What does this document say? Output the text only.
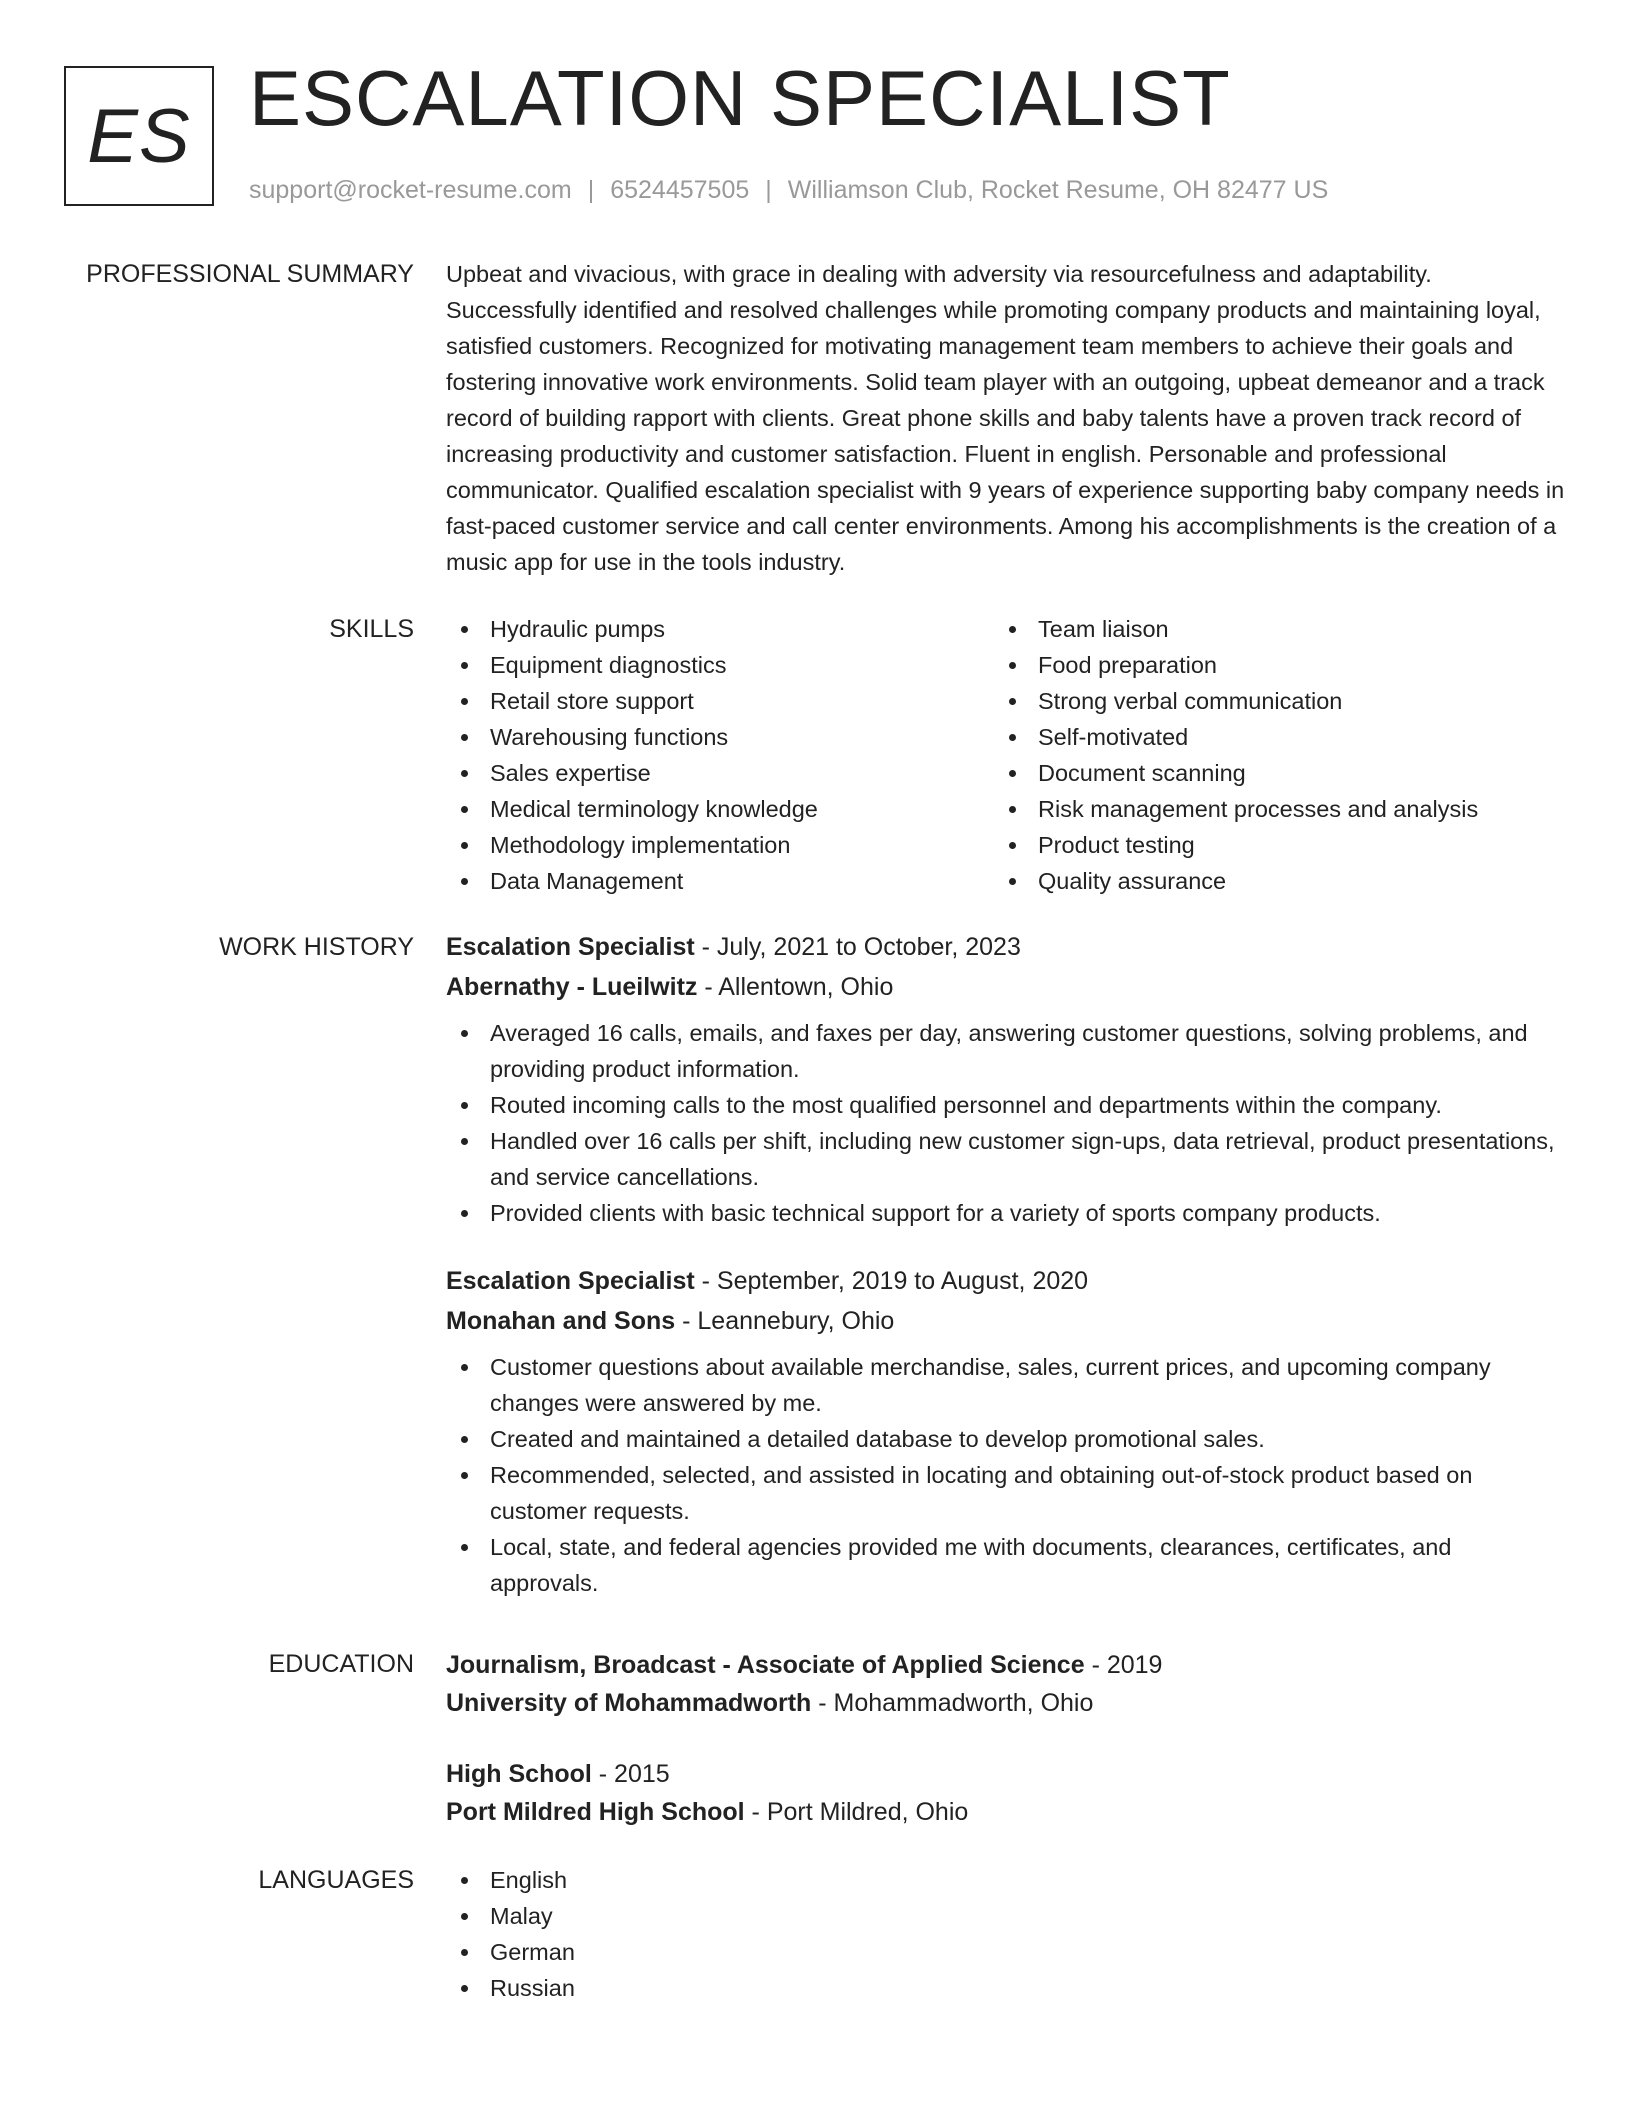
ES ESCALATION SPECIALIST
support@rocket-resume.com | 6524457505 | Williamson Club, Rocket Resume, OH 82477 US
PROFESSIONAL SUMMARY Upbeat and vivacious, with grace in dealing with adversity via resourcefulness and adaptability. Successfully identified and resolved challenges while promoting company products and maintaining loyal, satisfied customers. Recognized for motivating management team members to achieve their goals and fostering innovative work environments. Solid team player with an outgoing, upbeat demeanor and a track record of building rapport with clients. Great phone skills and baby talents have a proven track record of increasing productivity and customer satisfaction. Fluent in english. Personable and professional communicator. Qualified escalation specialist with 9 years of experience supporting baby company needs in fast-paced customer service and call center environments. Among his accomplishments is the creation of a music app for use in the tools industry.

SKILLS	Hydraulic pumps
Equipment diagnostics
Retail store support
Warehousing functions
Sales expertise
Medical terminology knowledge
Methodology implementation
Data Management
Team liaison
Food preparation
Strong verbal communication
Self-motivated
Document scanning
Risk management processes and analysis
Product testing
Quality assurance
WORK HISTORY Escalation Specialist - July, 2021 to October, 2023
Abernathy - Lueilwitz - Allentown, Ohio
Averaged 16 calls, emails, and faxes per day, answering customer questions, solving problems, and providing product information.
Routed incoming calls to the most qualified personnel and departments within the company.
Handled over 16 calls per shift, including new customer sign-ups, data retrieval, product presentations, and service cancellations.
Provided clients with basic technical support for a variety of sports company products.
Escalation Specialist - September, 2019 to August, 2020
Monahan and Sons - Leannebury, Ohio
Customer questions about available merchandise, sales, current prices, and upcoming company changes were answered by me.
Created and maintained a detailed database to develop promotional sales.
Recommended, selected, and assisted in locating and obtaining out-of-stock product based on customer requests.
Local, state, and federal agencies provided me with documents, clearances, certificates, and approvals.
EDUCATION Journalism, Broadcast - Associate of Applied Science - 2019
University of Mohammadworth - Mohammadworth, Ohio
High School - 2015
Port Mildred High School - Port Mildred, Ohio
LANGUAGES	English
Malay
German
Russian
